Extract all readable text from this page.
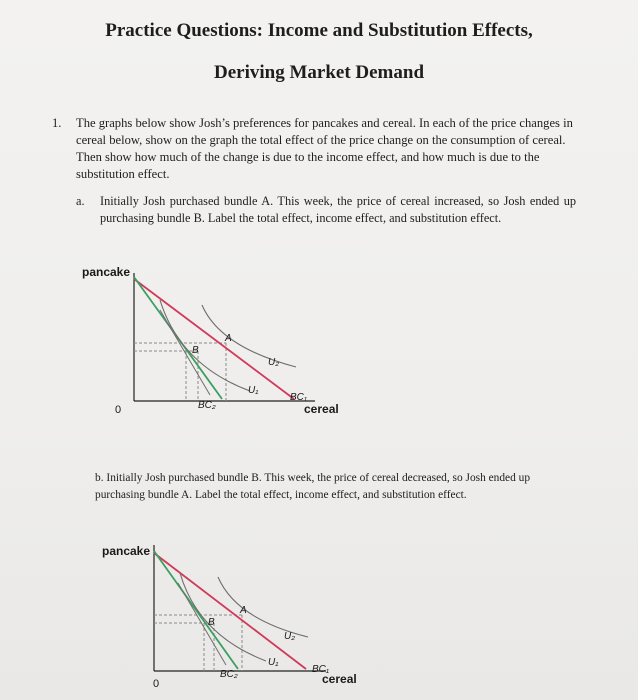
Practice Questions: Income and Substitution Effects,
Deriving Market Demand
1. The graphs below show Josh’s preferences for pancakes and cereal. In each of the price changes in cereal below, show on the graph the total effect of the price change on the consumption of cereal. Then show how much of the change is due to the income effect, and how much is due to the substitution effect.
a. Initially Josh purchased bundle A. This week, the price of cereal increased, so Josh ended up purchasing bundle B. Label the total effect, income effect, and substitution effect.
pancake
cereal
0
A
B
U₂
U₁
BC₁
BC₂
b. Initially Josh purchased bundle B. This week, the price of cereal decreased, so Josh ended up purchasing bundle A. Label the total effect, income effect, and substitution effect.
pancake
cereal
0
A
B
U₂
U₁
BC₁
BC₂
